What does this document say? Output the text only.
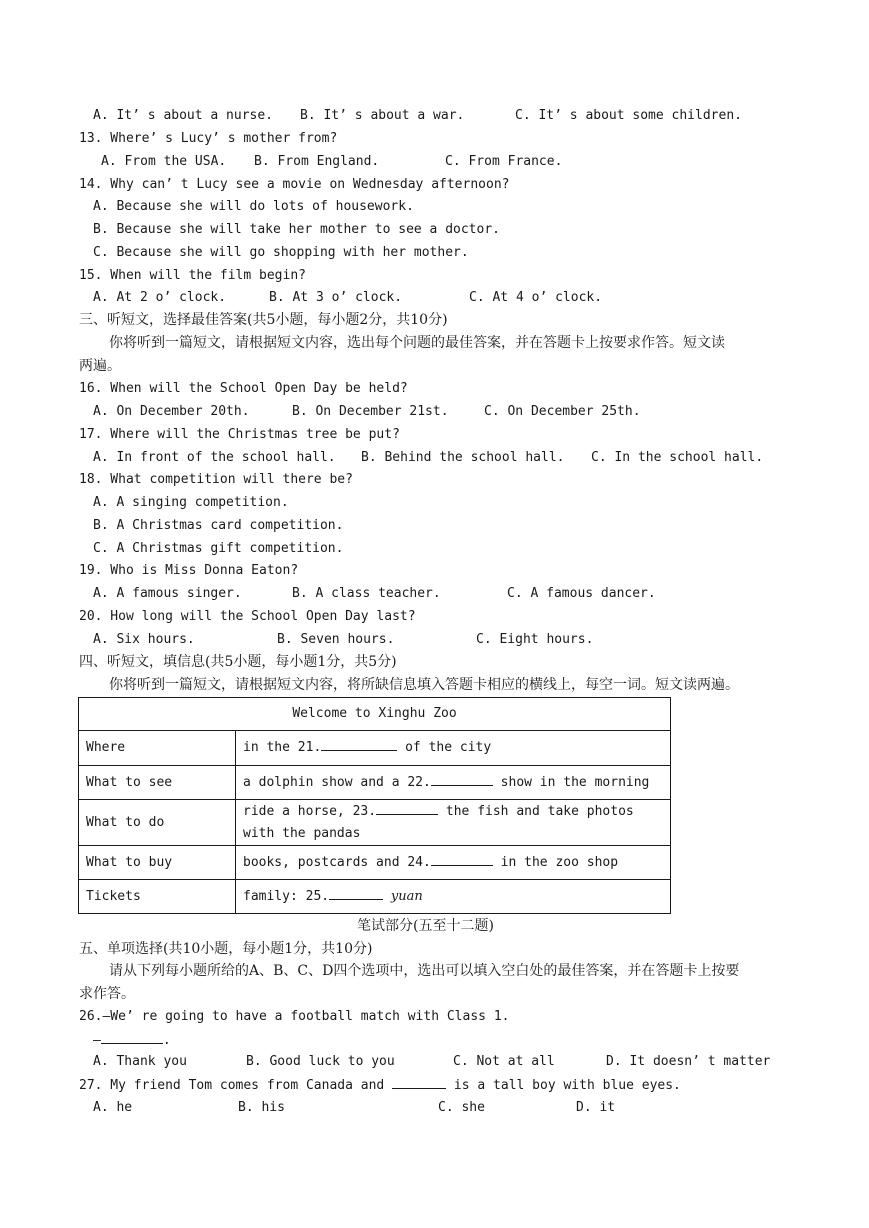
A. It’ s about a nurse. B. It’ s about a war.	C. It’ s about some children.
13. Where’ s Lucy’ s mother from?
A. From the USA. B. From England.	C. From France.
14. Why can’ t Lucy see a movie on Wednesday afternoon?
A. Because she will do lots of housework.
B. Because she will take her mother to see a doctor.
C. Because she will go shopping with her mother.
15. When will the film begin?
A. At 2 o’ clock.	B. At 3 o’ clock.	C. At 4 o’ clock.
三、听短文，选择最佳答案(共5小题，每小题2分，共10分)
你将听到一篇短文，请根据短文内容，选出每个问题的最佳答案，并在答题卡上按要求作答。短文读
两遍。
16. When will the School Open Day be held?
A. On December 20th.	B. On December 21st.	C. On December 25th.
17. Where will the Christmas tree be put?
A. In front of the school hall. B. Behind the school hall. C. In the school hall.
18. What competition will there be?
A. A singing competition.
B. A Christmas card competition.
C. A Christmas gift competition.
19. Who is Miss Donna Eaton?
A. A famous singer.	B. A class teacher.	C. A famous dancer.
20. How long will the School Open Day last?
A. Six hours.	B. Seven hours.	C. Eight hours.
四、听短文，填信息(共5小题，每小题1分，共5分)
你将听到一篇短文，请根据短文内容，将所缺信息填入答题卡相应的横线上，每空一词。短文读两遍。
Welcome to Xinghu Zoo	
Where	in the 21. of the city
What to see	a dolphin show and a 22. show in the morning
What to do	ride a horse, 23. the fish and take photos with the pandas
What to buy	books, postcards and 24. in the zoo shop
Tickets	family: 25. yuan
笔试部分(五至十二题)
五、单项选择(共10小题，每小题1分，共10分)
请从下列每小题所给的A、B、C、D四个选项中，选出可以填入空白处的最佳答案，并在答题卡上按要
求作答。
26.—We’ re going to have a football match with Class 1.
—	.
A. Thank you	B. Good luck to you	C. Not at all	D. It doesn’ t matter
27. My friend Tom comes from Canada and	is a tall boy with blue eyes.
A. he	B. his	C. she	D. it
